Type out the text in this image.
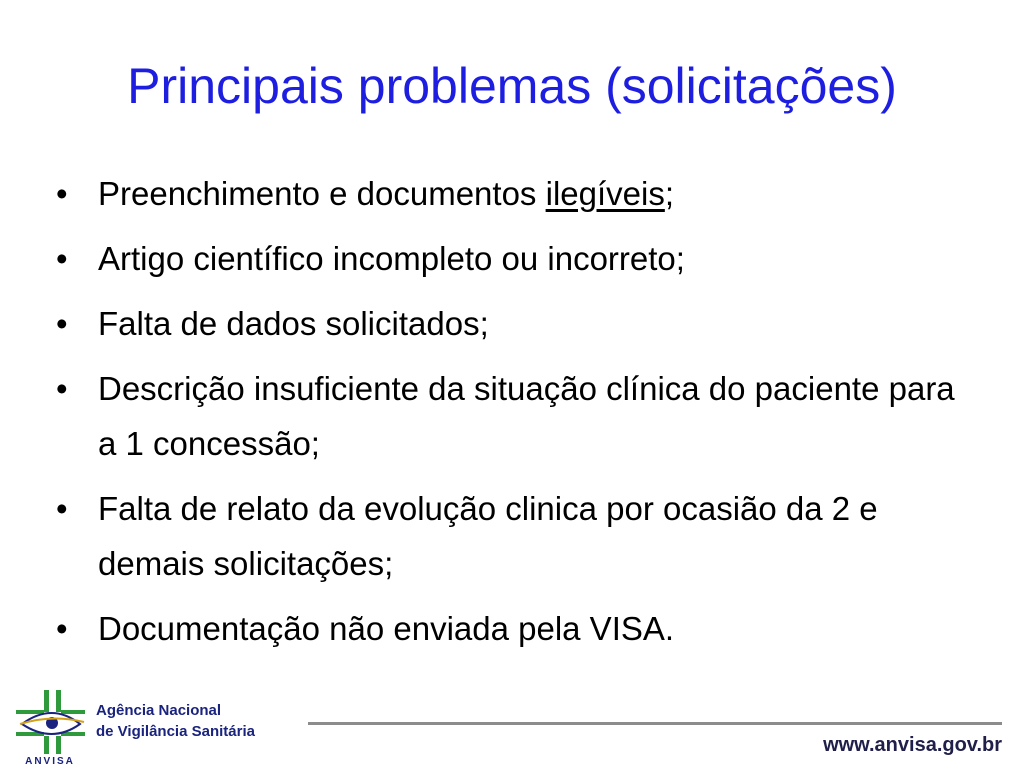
Principais problemas (solicitações)
• Preenchimento e documentos ilegíveis;
• Artigo científico incompleto ou incorreto;
• Falta de dados solicitados;
• Descrição insuficiente da situação clínica do paciente para a 1 concessão;
• Falta de relato da evolução clinica por ocasião da 2 e demais solicitações;
• Documentação não enviada pela VISA.
ANVISA
Agência Nacional
de Vigilância Sanitária
www.anvisa.gov.br
